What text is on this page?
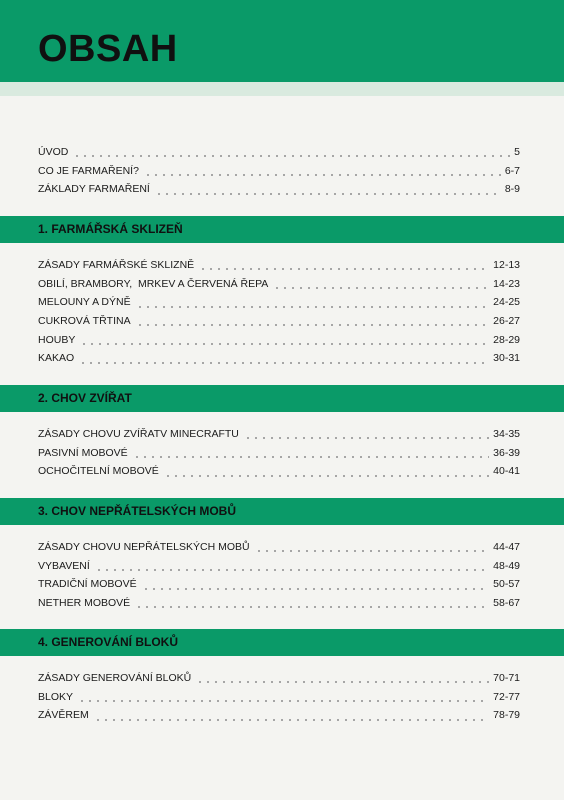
OBSAH
ÚVOD	5
CO JE FARMAŘENÍ?	6-7
ZÁKLADY FARMAŘENÍ	8-9
1. FARMÁŘSKÁ SKLIZEŇ
ZÁSADY FARMÁŘSKÉ SKLIZNĚ	12-13
OBILÍ, BRAMBORY,  MRKEV A ČERVENÁ ŘEPA	14-23
MELOUNY A DÝNĚ	24-25
CUKROVÁ TŘTINA	26-27
HOUBY	28-29
KAKAO	30-31
2. CHOV ZVÍŘAT
ZÁSADY CHOVU ZVÍŘATV MINECRAFTU	34-35
PASIVNÍ MOBOVÉ	36-39
OCHOČITELNÍ MOBOVÉ	40-41
3. CHOV NEPŘÁTELSKÝCH MOBŮ
ZÁSADY CHOVU NEPŘÁTELSKÝCH MOBŮ	44-47
VYBAVENÍ	48-49
TRADIČNÍ MOBOVÉ	50-57
NETHER MOBOVÉ	58-67
4. GENEROVÁNÍ BLOKŮ
ZÁSADY GENEROVÁNÍ BLOKŮ	70-71
BLOKY	72-77
ZÁVĚREM	78-79
